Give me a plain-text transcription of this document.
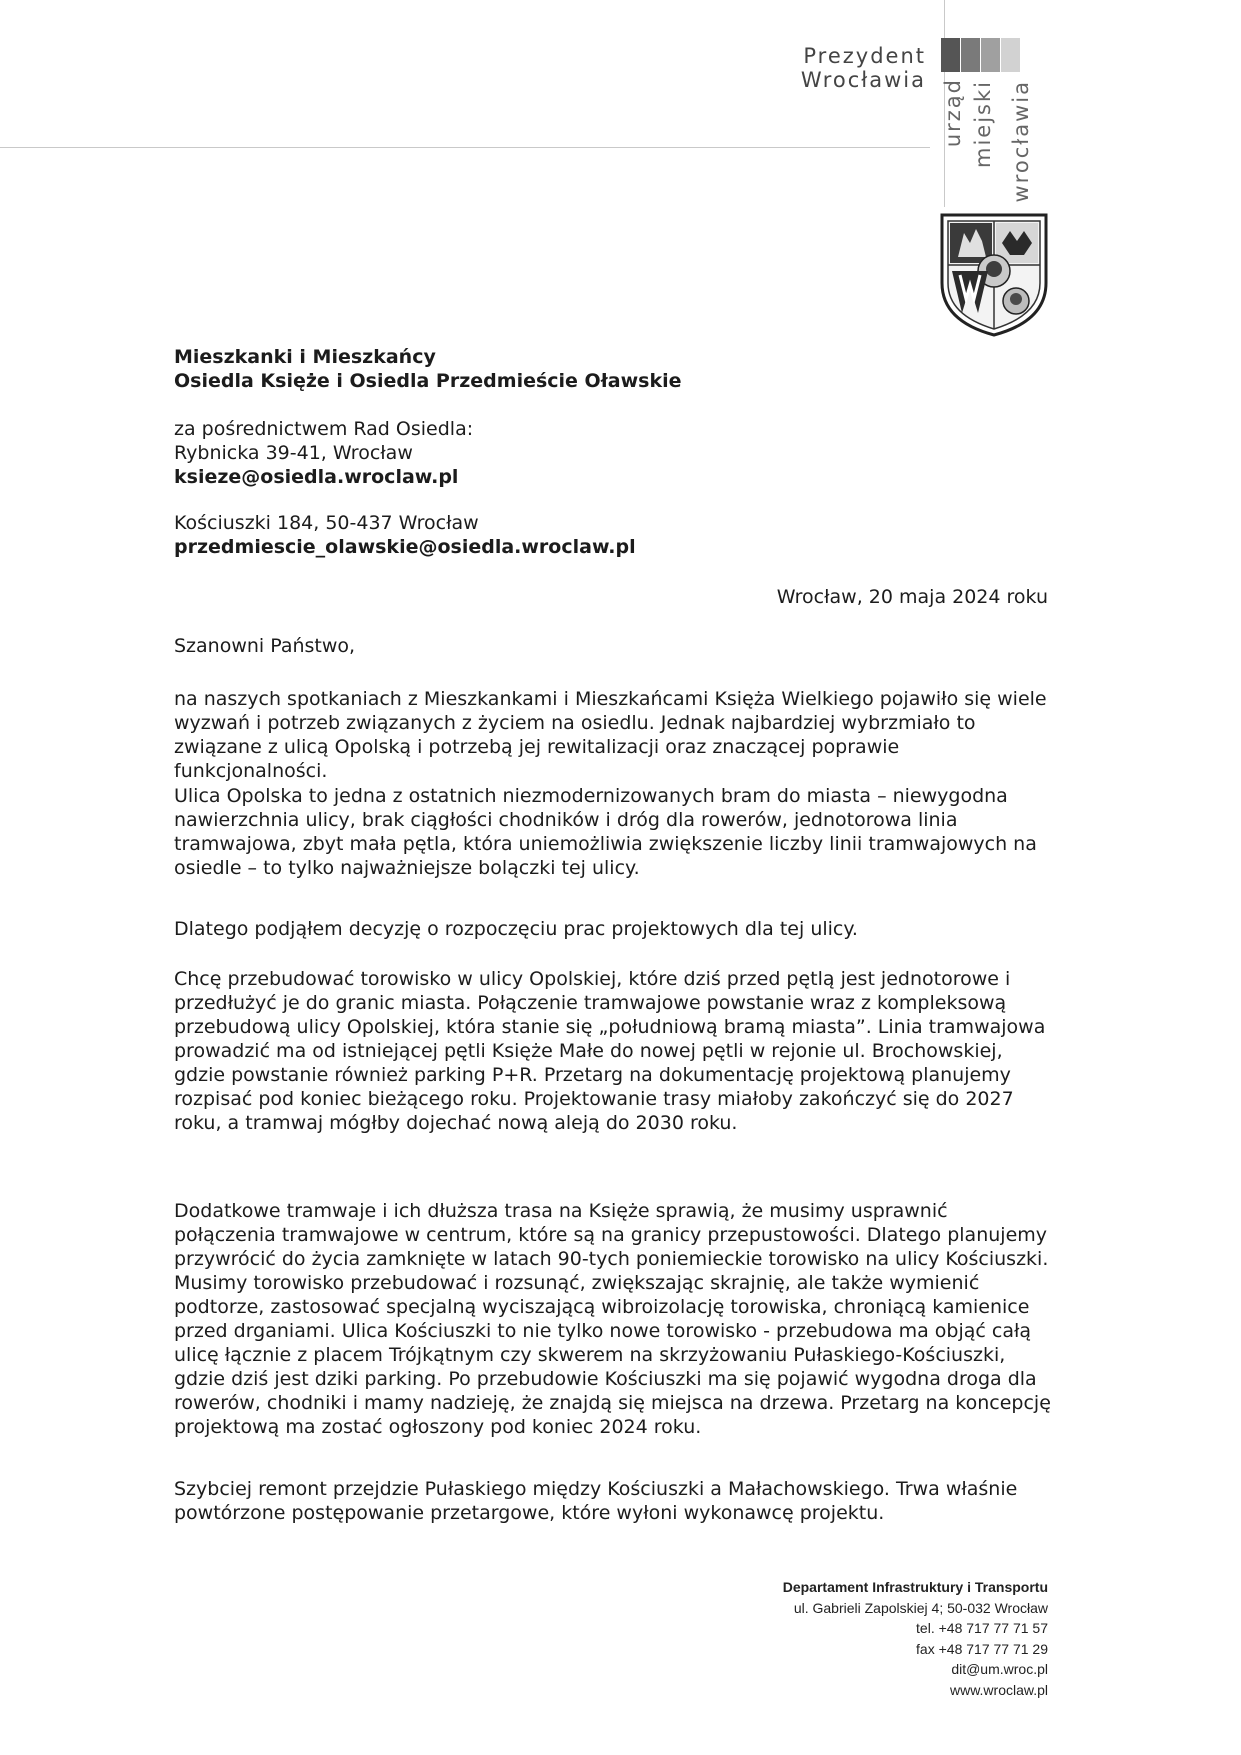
Prezydent Wrocławia urząd miejski wrocławia
Mieszkanki i Mieszkańcy
Osiedla Księże i Osiedla Przedmieście Oławskie
za pośrednictwem Rad Osiedla:
Rybnicka 39-41, Wrocław
ksieze@osiedla.wroclaw.pl
Kościuszki 184, 50-437 Wrocław
przedmiescie_olawskie@osiedla.wroclaw.pl
Wrocław, 20 maja 2024 roku
Szanowni Państwo,

na naszych spotkaniach z Mieszkankami i Mieszkańcami Księża Wielkiego pojawiło się wiele wyzwań i potrzeb związanych z życiem na osiedlu. Jednak najbardziej wybrzmiało to związane z ulicą Opolską i potrzebą jej rewitalizacji oraz znaczącej poprawie funkcjonalności.

Ulica Opolska to jedna z ostatnich niezmodernizowanych bram do miasta – niewygodna nawierzchnia ulicy, brak ciągłości chodników i dróg dla rowerów, jednotorowa linia tramwajowa, zbyt mała pętla, która uniemożliwia zwiększenie liczby linii tramwajowych na osiedle – to tylko najważniejsze bolączki tej ulicy.

Dlatego podjąłem decyzję o rozpoczęciu prac projektowych dla tej ulicy.

Chcę przebudować torowisko w ulicy Opolskiej, które dziś przed pętlą jest jednotorowe i przedłużyć je do granic miasta. Połączenie tramwajowe powstanie wraz z kompleksową przebudową ulicy Opolskiej, która stanie się „południową bramą miasta”. Linia tramwajowa prowadzić ma od istniejącej pętli Księże Małe do nowej pętli w rejonie ul. Brochowskiej, gdzie powstanie również parking P+R. Przetarg na dokumentację projektową planujemy rozpisać pod koniec bieżącego roku. Projektowanie trasy miałoby zakończyć się do 2027 roku, a tramwaj mógłby dojechać nową aleją do 2030 roku.

Dodatkowe tramwaje i ich dłuższa trasa na Księże sprawią, że musimy usprawnić połączenia tramwajowe w centrum, które są na granicy przepustowości. Dlatego planujemy przywrócić do życia zamknięte w latach 90-tych poniemieckie torowisko na ulicy Kościuszki. Musimy torowisko przebudować i rozsunąć, zwiększając skrajnię, ale także wymienić podtorze, zastosować specjalną wyciszającą wibroizolację torowiska, chroniącą kamienice przed drganiami. Ulica Kościuszki to nie tylko nowe torowisko - przebudowa ma objąć całą ulicę łącznie z placem Trójkątnym czy skwerem na skrzyżowaniu Pułaskiego-Kościuszki, gdzie dziś jest dziki parking. Po przebudowie Kościuszki ma się pojawić wygodna droga dla rowerów, chodniki i mamy nadzieję, że znajdą się miejsca na drzewa. Przetarg na koncepcję projektową ma zostać ogłoszony pod koniec 2024 roku.

Szybciej remont przejdzie Pułaskiego między Kościuszki a Małachowskiego. Trwa właśnie powtórzone postępowanie przetargowe, które wyłoni wykonawcę projektu.

Departament Infrastruktury i Transportu
ul. Gabrieli Zapolskiej 4; 50-032 Wrocław
tel. +48 717 77 71 57
fax +48 717 77 71 29
dit@um.wroc.pl
www.wroclaw.pl
